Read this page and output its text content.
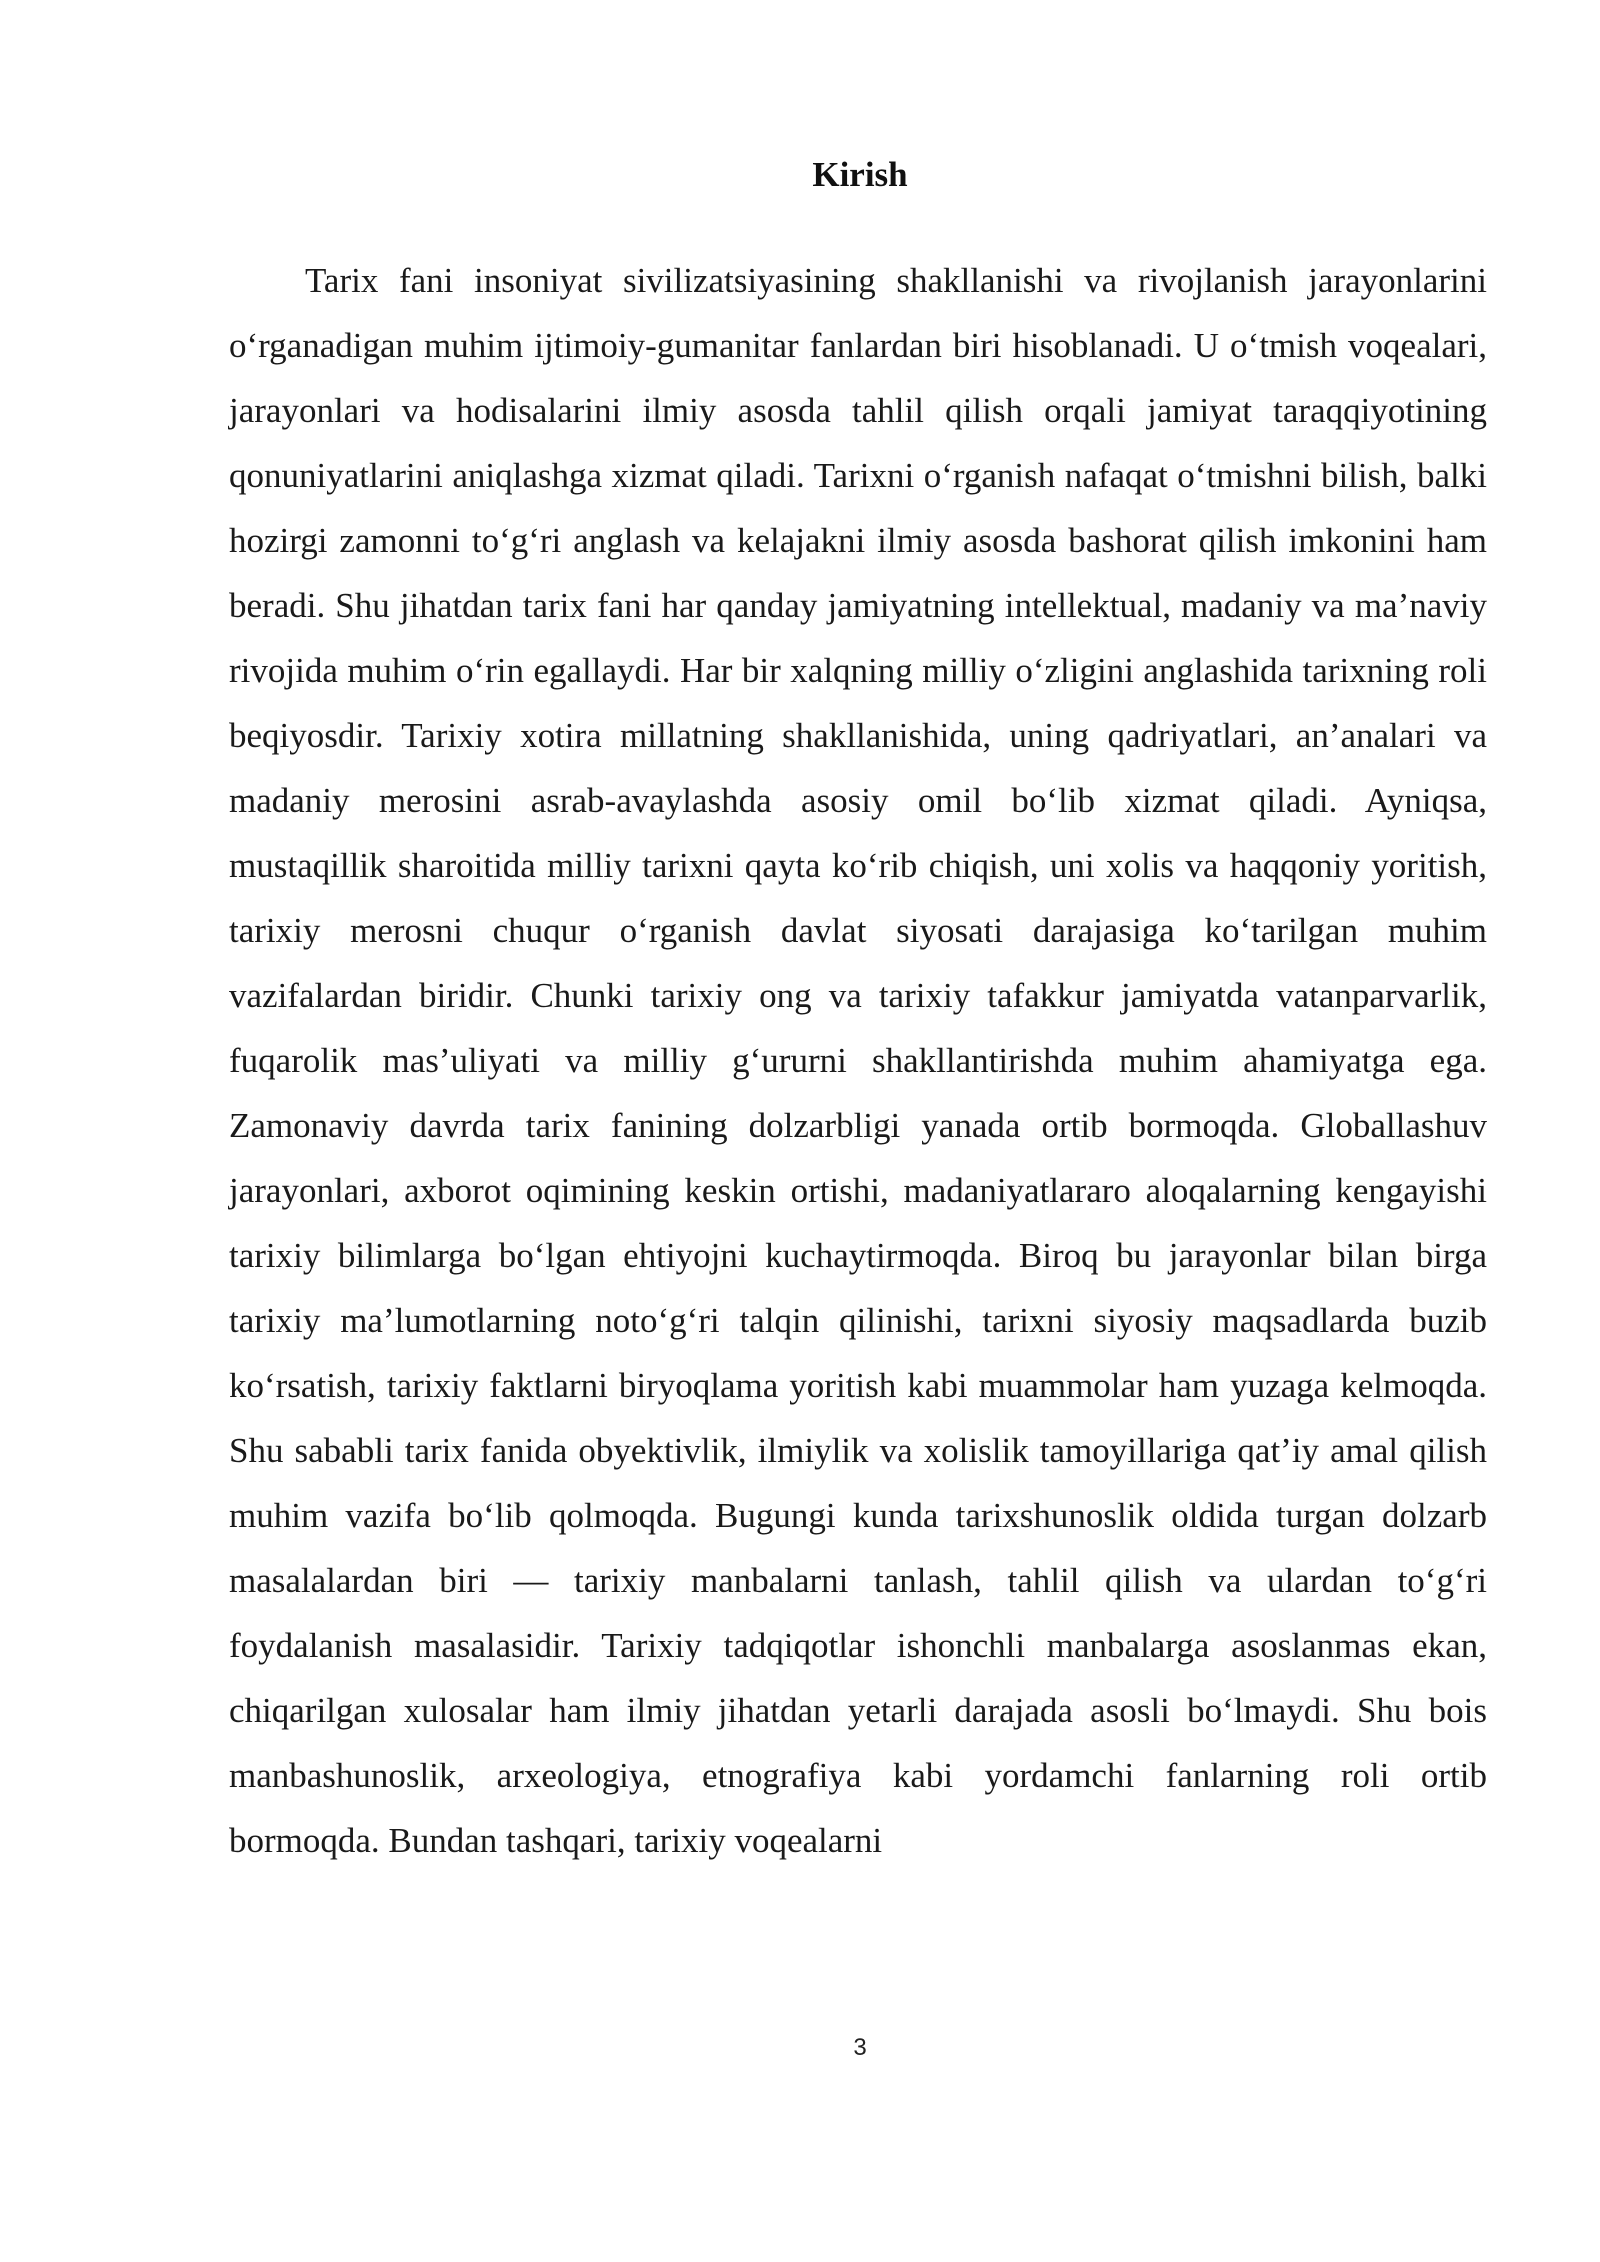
Kirish

Tarix fani insoniyat sivilizatsiyasining shakllanishi va rivojlanish jarayonlarini o‘rganadigan muhim ijtimoiy-gumanitar fanlardan biri hisoblanadi. U o‘tmish voqealari, jarayonlari va hodisalarini ilmiy asosda tahlil qilish orqali jamiyat taraqqiyotining qonuniyatlarini aniqlashga xizmat qiladi. Tarixni o‘rganish nafaqat o‘tmishni bilish, balki hozirgi zamonni to‘g‘ri anglash va kelajakni ilmiy asosda bashorat qilish imkonini ham beradi. Shu jihatdan tarix fani har qanday jamiyatning intellektual, madaniy va ma’naviy rivojida muhim o‘rin egallaydi. Har bir xalqning milliy o‘zligini anglashida tarixning roli beqiyosdir. Tarixiy xotira millatning shakllanishida, uning qadriyatlari, an’analari va madaniy merosini asrab-avaylashda asosiy omil bo‘lib xizmat qiladi. Ayniqsa, mustaqillik sharoitida milliy tarixni qayta ko‘rib chiqish, uni xolis va haqqoniy yoritish, tarixiy merosni chuqur o‘rganish davlat siyosati darajasiga ko‘tarilgan muhim vazifalardan biridir. Chunki tarixiy ong va tarixiy tafakkur jamiyatda vatanparvarlik, fuqarolik mas’uliyati va milliy g‘ururni shakllantirishda muhim ahamiyatga ega. Zamonaviy davrda tarix fanining dolzarbligi yanada ortib bormoqda. Globallashuv jarayonlari, axborot oqimining keskin ortishi, madaniyatlararo aloqalarning kengayishi tarixiy bilimlarga bo‘lgan ehtiyojni kuchaytirmoqda. Biroq bu jarayonlar bilan birga tarixiy ma’lumotlarning noto‘g‘ri talqin qilinishi, tarixni siyosiy maqsadlarda buzib ko‘rsatish, tarixiy faktlarni biryoqlama yoritish kabi muammolar ham yuzaga kelmoqda. Shu sababli tarix fanida obyektivlik, ilmiylik va xolislik tamoyillariga qat’iy amal qilish muhim vazifa bo‘lib qolmoqda. Bugungi kunda tarixshunoslik oldida turgan dolzarb masalalardan biri — tarixiy manbalarni tanlash, tahlil qilish va ulardan to‘g‘ri foydalanish masalasidir. Tarixiy tadqiqotlar ishonchli manbalarga asoslanmas ekan, chiqarilgan xulosalar ham ilmiy jihatdan yetarli darajada asosli bo‘lmaydi. Shu bois manbashunoslik, arxeologiya, etnografiya kabi yordamchi fanlarning roli ortib bormoqda. Bundan tashqari, tarixiy voqealarni

3
